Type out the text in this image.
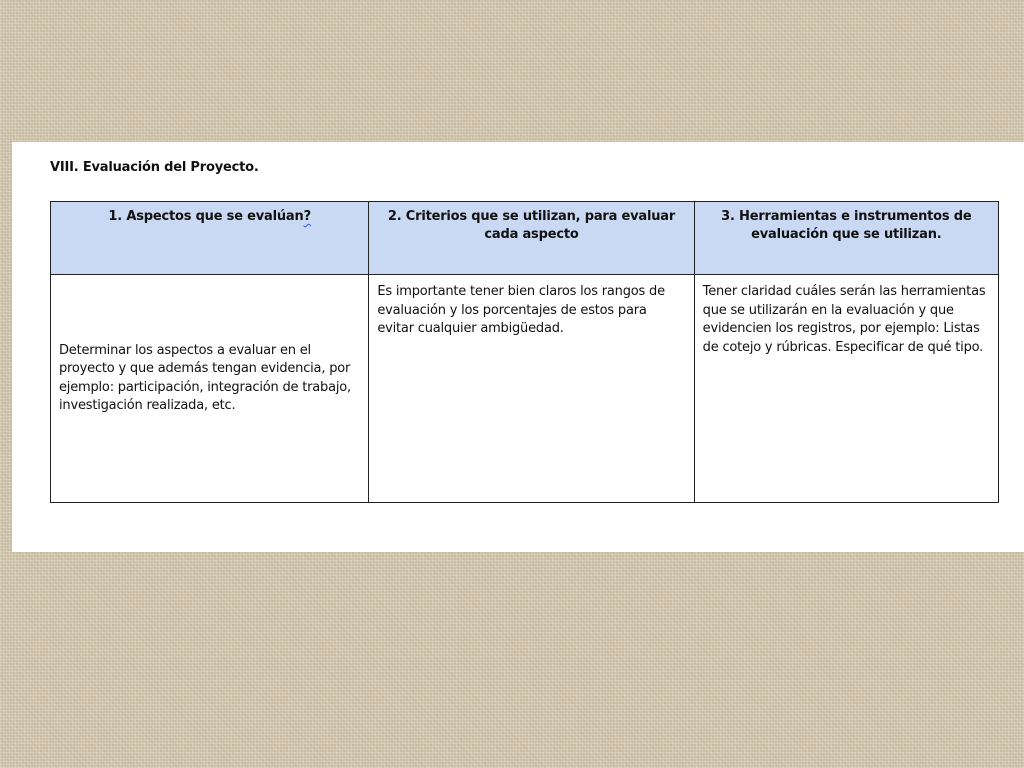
VIII. Evaluación del Proyecto.
1. Aspectos que se evalúan?	2. Criterios que se utilizan, para evaluar cada aspecto	3. Herramientas e instrumentos de evaluación que se utilizan.

Determinar los aspectos a evaluar en el proyecto y que además tengan evidencia, por ejemplo: participación, integración de trabajo, investigación realizada, etc.	Es importante tener bien claros los rangos de evaluación y los porcentajes de estos para evitar cualquier ambigüedad.	Tener claridad cuáles serán las herramientas que se utilizarán en la evaluación y que evidencien los registros, por ejemplo: Listas de cotejo y rúbricas. Especificar de qué tipo.
